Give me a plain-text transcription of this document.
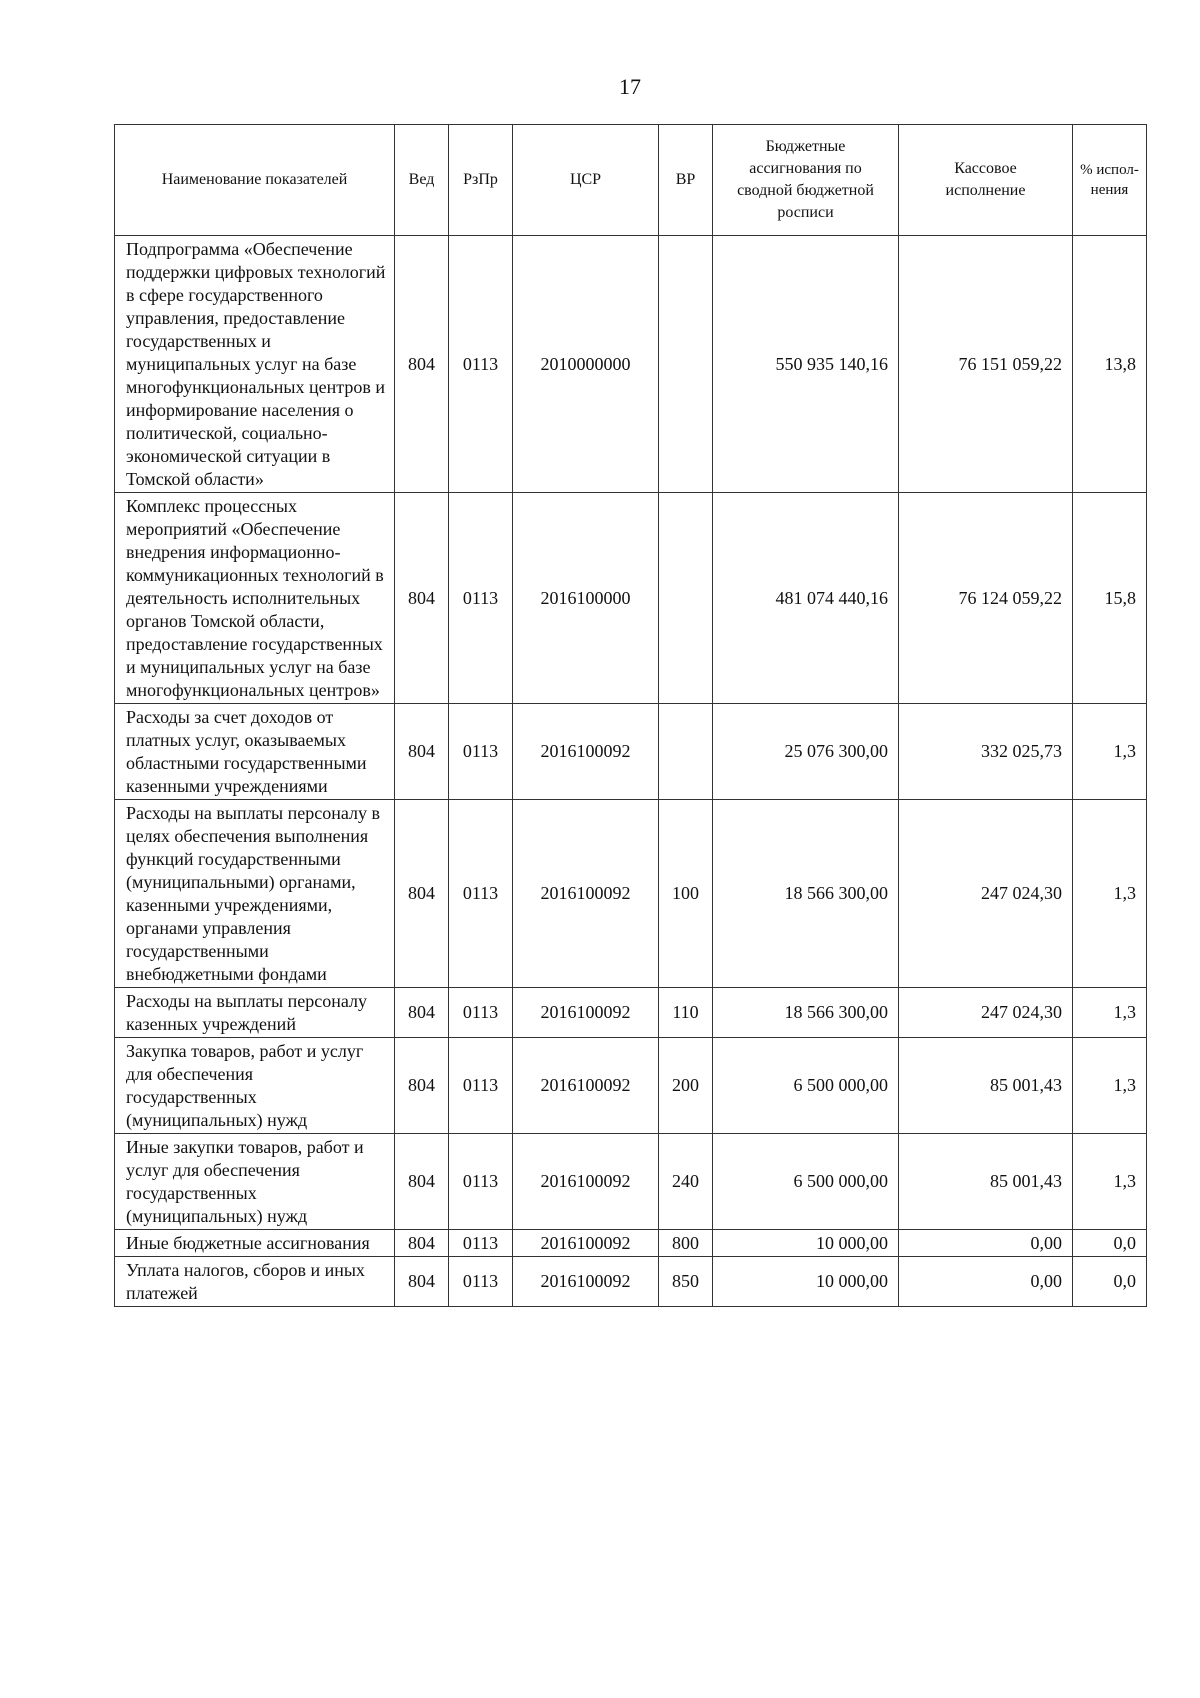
17
Наименование показателей	Вед	РзПр	ЦСР	ВР	Бюджетные ассигнования по сводной бюджетной росписи	Кассовое исполнение	% испол-нения
Подпрограмма «Обеспечение поддержки цифровых технологий в сфере государственного управления, предоставление государственных и муниципальных услуг на базе многофункциональных центров и информирование населения о политической, социально-экономической ситуации в Томской области»	804	0113	2010000000		550 935 140,16	76 151 059,22	13,8
Комплекс процессных мероприятий «Обеспечение внедрения информационно-коммуникационных технологий в деятельность исполнительных органов Томской области, предоставление государственных и муниципальных услуг на базе многофункциональных центров»	804	0113	2016100000		481 074 440,16	76 124 059,22	15,8
Расходы за счет доходов от платных услуг, оказываемых областными государственными казенными учреждениями	804	0113	2016100092		25 076 300,00	332 025,73	1,3
Расходы на выплаты персоналу в целях обеспечения выполнения функций государственными (муниципальными) органами, казенными учреждениями, органами управления государственными внебюджетными фондами	804	0113	2016100092	100	18 566 300,00	247 024,30	1,3
Расходы на выплаты персоналу казенных учреждений	804	0113	2016100092	110	18 566 300,00	247 024,30	1,3
Закупка товаров, работ и услуг для обеспечения государственных (муниципальных) нужд	804	0113	2016100092	200	6 500 000,00	85 001,43	1,3
Иные закупки товаров, работ и услуг для обеспечения государственных (муниципальных) нужд	804	0113	2016100092	240	6 500 000,00	85 001,43	1,3
Иные бюджетные ассигнования	804	0113	2016100092	800	10 000,00	0,00	0,0
Уплата налогов, сборов и иных платежей	804	0113	2016100092	850	10 000,00	0,00	0,0
